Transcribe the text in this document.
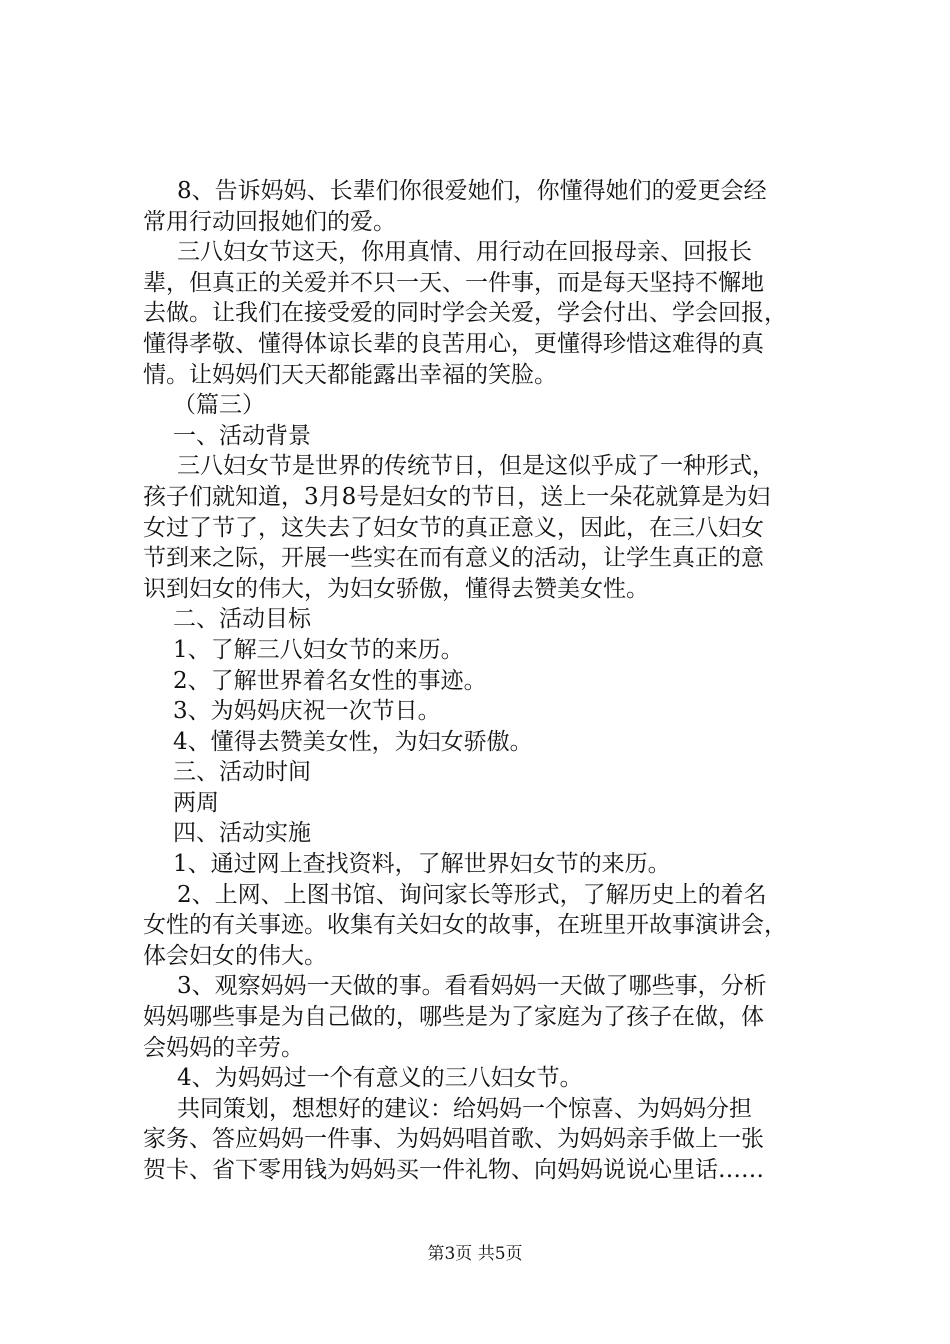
8、告诉妈妈、长辈们你很爱她们，你懂得她们的爱更会经
常用行动回报她们的爱。
三八妇女节这天，你用真情、用行动在回报母亲、回报长
辈，但真正的关爱并不只一天、一件事，而是每天坚持不懈地
去做。让我们在接受爱的同时学会关爱，学会付出、学会回报，
懂得孝敬、懂得体谅长辈的良苦用心，更懂得珍惜这难得的真
情。让妈妈们天天都能露出幸福的笑脸。
（篇三）
一、活动背景
三八妇女节是世界的传统节日，但是这似乎成了一种形式，
孩子们就知道，3月8号是妇女的节日，送上一朵花就算是为妇
女过了节了，这失去了妇女节的真正意义，因此，在三八妇女
节到来之际，开展一些实在而有意义的活动，让学生真正的意
识到妇女的伟大，为妇女骄傲，懂得去赞美女性。
二、活动目标
1、了解三八妇女节的来历。
2、了解世界着名女性的事迹。
3、为妈妈庆祝一次节日。
4、懂得去赞美女性，为妇女骄傲。
三、活动时间
两周
四、活动实施
1、通过网上查找资料，了解世界妇女节的来历。
2、上网、上图书馆、询问家长等形式，了解历史上的着名
女性的有关事迹。收集有关妇女的故事，在班里开故事演讲会，
体会妇女的伟大。
3、观察妈妈一天做的事。看看妈妈一天做了哪些事，分析
妈妈哪些事是为自己做的，哪些是为了家庭为了孩子在做，体
会妈妈的辛劳。
4、为妈妈过一个有意义的三八妇女节。
共同策划，想想好的建议：给妈妈一个惊喜、为妈妈分担
家务、答应妈妈一件事、为妈妈唱首歌、为妈妈亲手做上一张
贺卡、省下零用钱为妈妈买一件礼物、向妈妈说说心里话……
第3页 共5页
